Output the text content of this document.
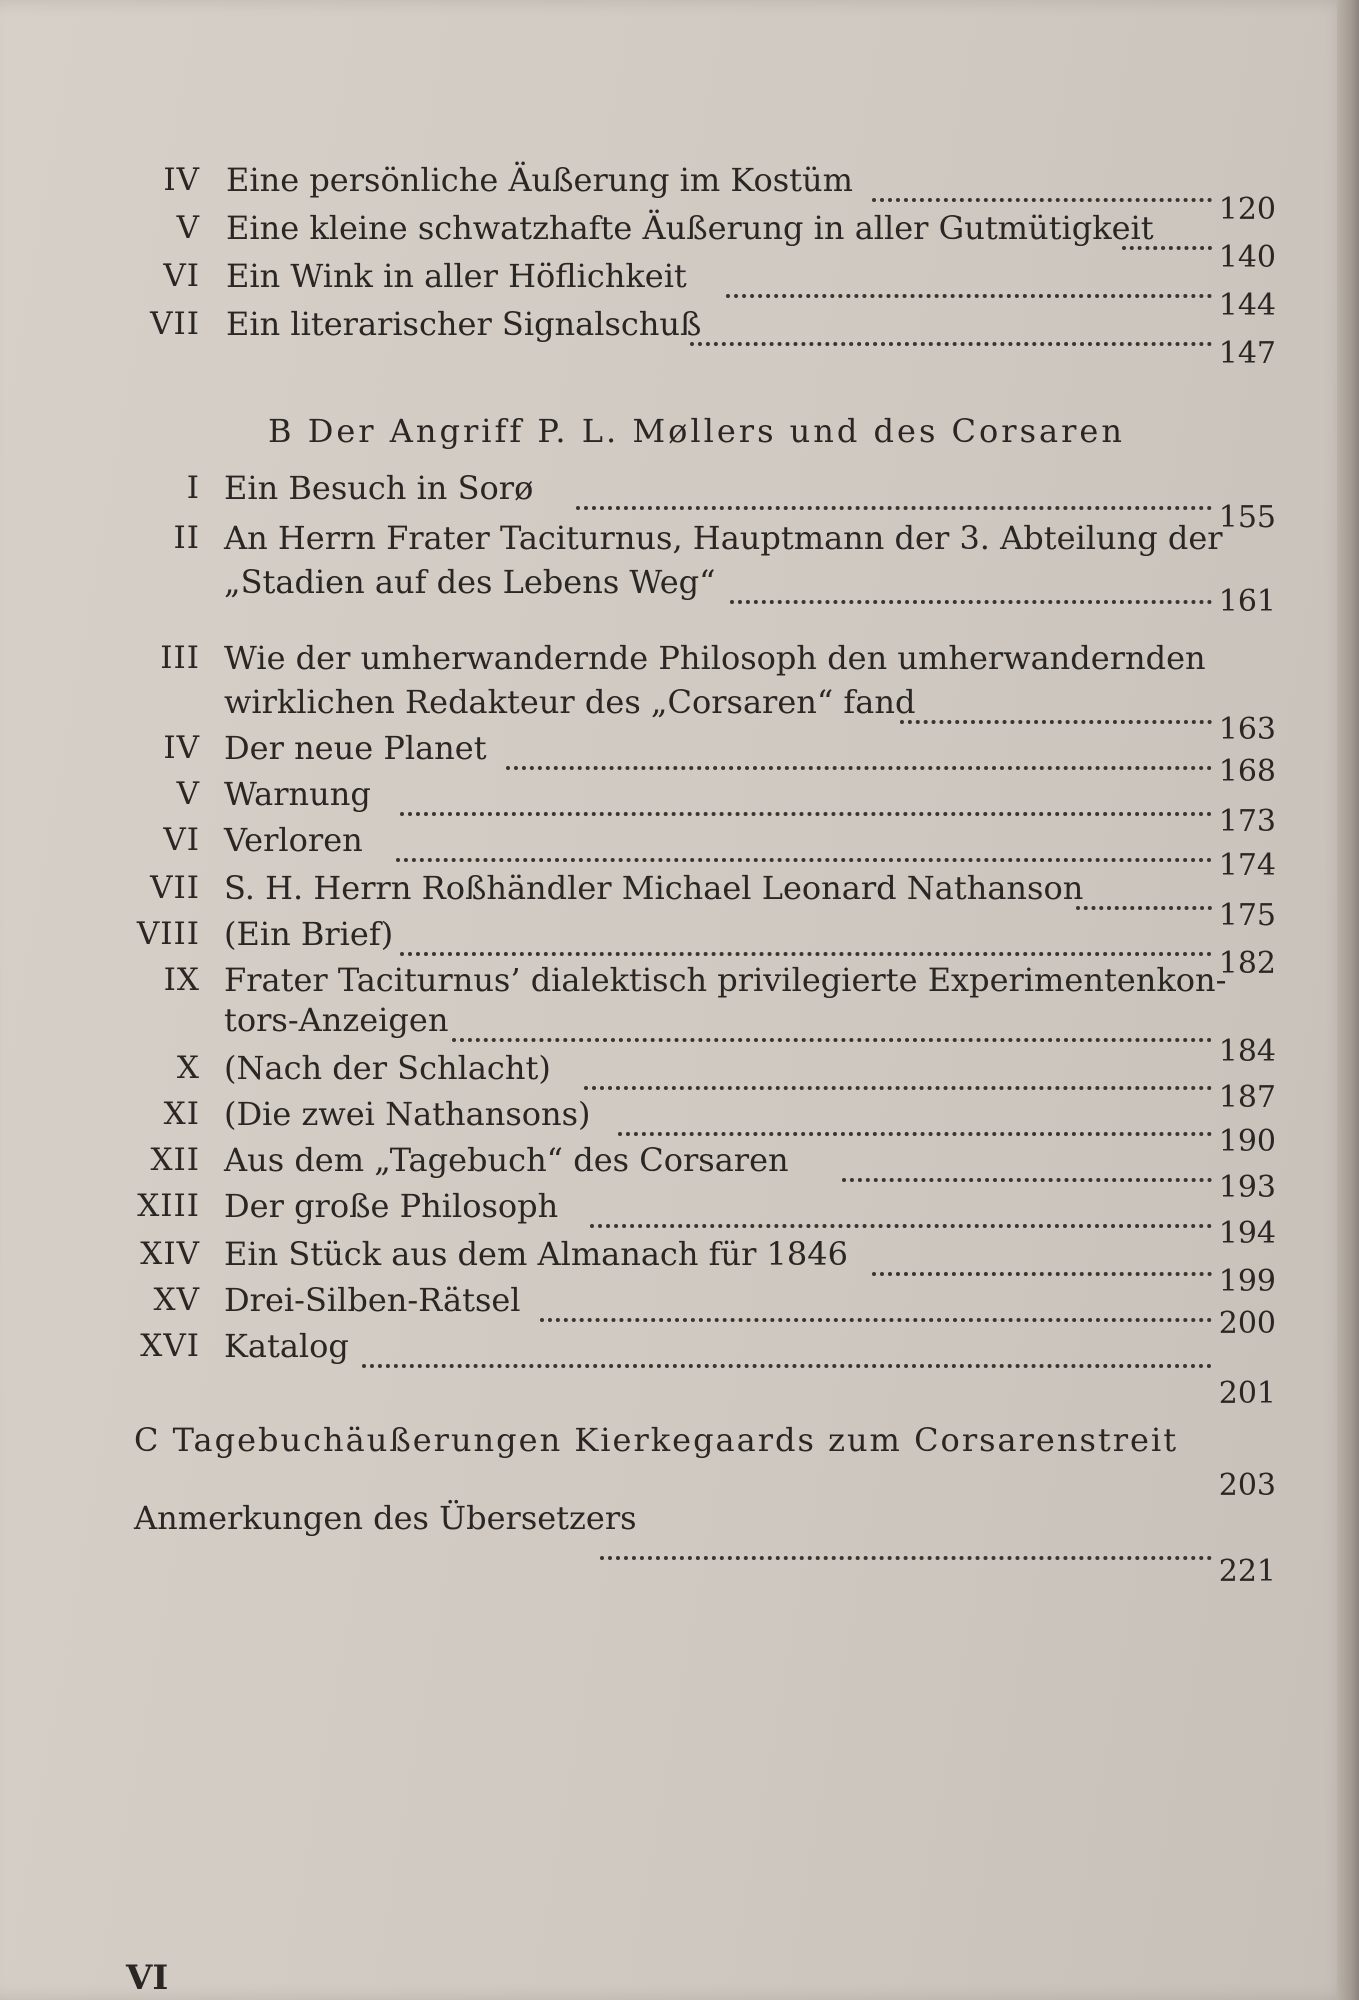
IV Eine persönliche Äußerung im Kostüm
120
V Eine kleine schwatzhafte Äußerung in aller Gutmütigkeit
140
VI Ein Wink in aller Höflichkeit
144
VII Ein literarischer Signalschuß
147
B Der Angriff P. L. Møllers und des Corsaren
I Ein Besuch in Sorø
155
II An Herrn Frater Taciturnus, Hauptmann der 3. Abteilung der
„Stadien auf des Lebens Weg“
161
III Wie der umherwandernde Philosoph den umherwandernden
wirklichen Redakteur des „Corsaren“ fand
163
IV Der neue Planet
168
V Warnung
173
VI Verloren
174
VII S. H. Herrn Roßhändler Michael Leonard Nathanson
175
VIII (Ein Brief)
182
IX Frater Taciturnus’ dialektisch privilegierte Experimentenkon-
tors-Anzeigen
184
X (Nach der Schlacht)
187
XI (Die zwei Nathansons)
190
XII Aus dem „Tagebuch“ des Corsaren
193
XIII Der große Philosoph
194
XIV Ein Stück aus dem Almanach für 1846
199
XV Drei-Silben-Rätsel
200
XVI Katalog
201
C Tagebuchäußerungen Kierkegaards zum Corsarenstreit
203
Anmerkungen des Übersetzers
221
VI
